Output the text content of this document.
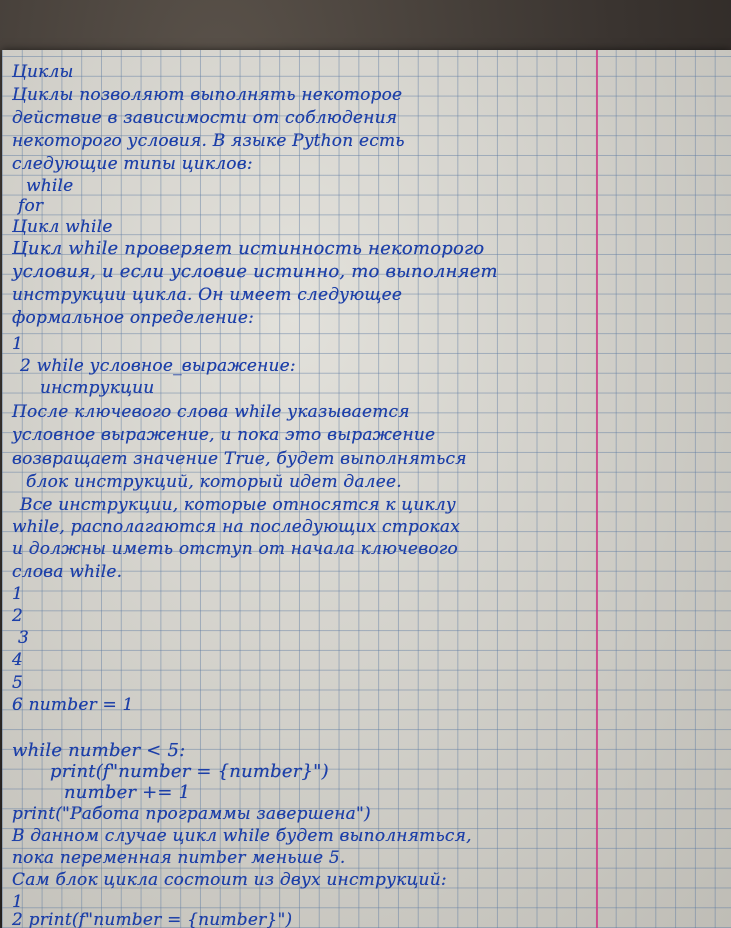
Циклы
Циклы позволяют выполнять некоторое
действие в зависимости от соблюдения
некоторого условия. В языке Python есть
следующие типы циклов:
while
for
Цикл while
Цикл while проверяет истинность некоторого
условия, и если условие истинно, то выполняет
инструкции цикла. Он имеет следующее
формальное определение:
1
2 while условное_выражение:
инструкции
После ключевого слова while указывается
условное выражение, и пока это выражение
возвращает значение True, будет выполняться
блок инструкций, который идет далее.
Все инструкции, которые относятся к циклу
while, располагаются на последующих строках
и должны иметь отступ от начала ключевого
слова while.
1
2
3
4
5
6 number = 1
while number < 5:
print(f"number = {number}")
number += 1
print("Работа программы завершена")
В данном случае цикл while будет выполняться,
пока переменная number меньше 5.
Сам блок цикла состоит из двух инструкций:
1
2 print(f"number = {number}")
